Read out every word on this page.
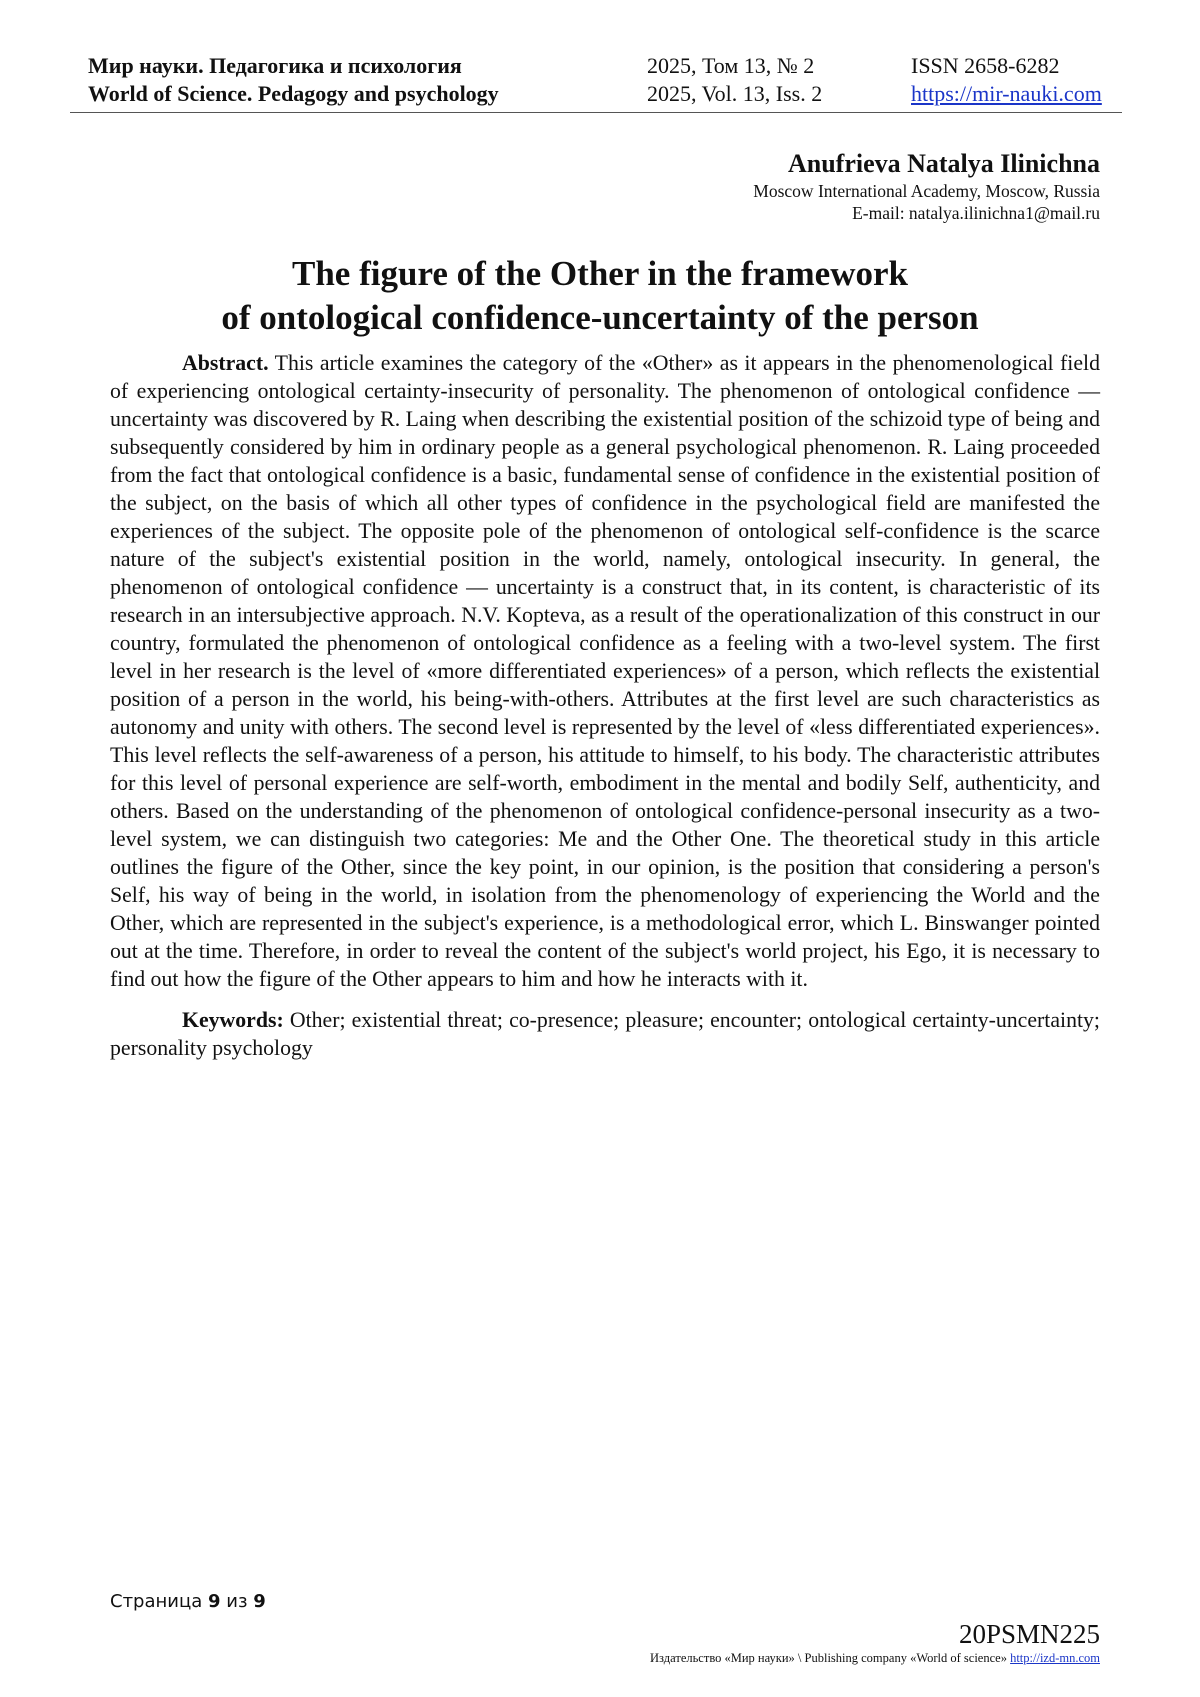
Мир науки. Педагогика и психология
World of Science. Pedagogy and psychology
2025, Том 13, № 2
2025, Vol. 13, Iss. 2
ISSN 2658-6282
https://mir-nauki.com
Anufrieva Natalya Ilinichna
Moscow International Academy, Moscow, Russia
E-mail: natalya.ilinichna1@mail.ru
The figure of the Other in the framework
of ontological confidence-uncertainty of the person

Abstract. This article examines the category of the «Other» as it appears in the phenomenological field of experiencing ontological certainty-insecurity of personality. The phenomenon of ontological confidence — uncertainty was discovered by R. Laing when describing the existential position of the schizoid type of being and subsequently considered by him in ordinary people as a general psychological phenomenon. R. Laing proceeded from the fact that ontological confidence is a basic, fundamental sense of confidence in the existential position of the subject, on the basis of which all other types of confidence in the psychological field are manifested the experiences of the subject. The opposite pole of the phenomenon of ontological self-confidence is the scarce nature of the subject's existential position in the world, namely, ontological insecurity. In general, the phenomenon of ontological confidence — uncertainty is a construct that, in its content, is characteristic of its research in an intersubjective approach. N.V. Kopteva, as a result of the operationalization of this construct in our country, formulated the phenomenon of ontological confidence as a feeling with a two-level system. The first level in her research is the level of «more differentiated experiences» of a person, which reflects the existential position of a person in the world, his being-with-others. Attributes at the first level are such characteristics as autonomy and unity with others. The second level is represented by the level of «less differentiated experiences». This level reflects the self-awareness of a person, his attitude to himself, to his body. The characteristic attributes for this level of personal experience are self-worth, embodiment in the mental and bodily Self, authenticity, and others. Based on the understanding of the phenomenon of ontological confidence-personal insecurity as a two-level system, we can distinguish two categories: Me and the Other One. The theoretical study in this article outlines the figure of the Other, since the key point, in our opinion, is the position that considering a person's Self, his way of being in the world, in isolation from the phenomenology of experiencing the World and the Other, which are represented in the subject's experience, is a methodological error, which L. Binswanger pointed out at the time. Therefore, in order to reveal the content of the subject's world project, his Ego, it is necessary to find out how the figure of the Other appears to him and how he interacts with it.

Keywords: Other; existential threat; co-presence; pleasure; encounter; ontological certainty-uncertainty; personality psychology

Страница 9 из 9
20PSMN225
Издательство «Мир науки» \ Publishing company «World of science» http://izd-mn.com
